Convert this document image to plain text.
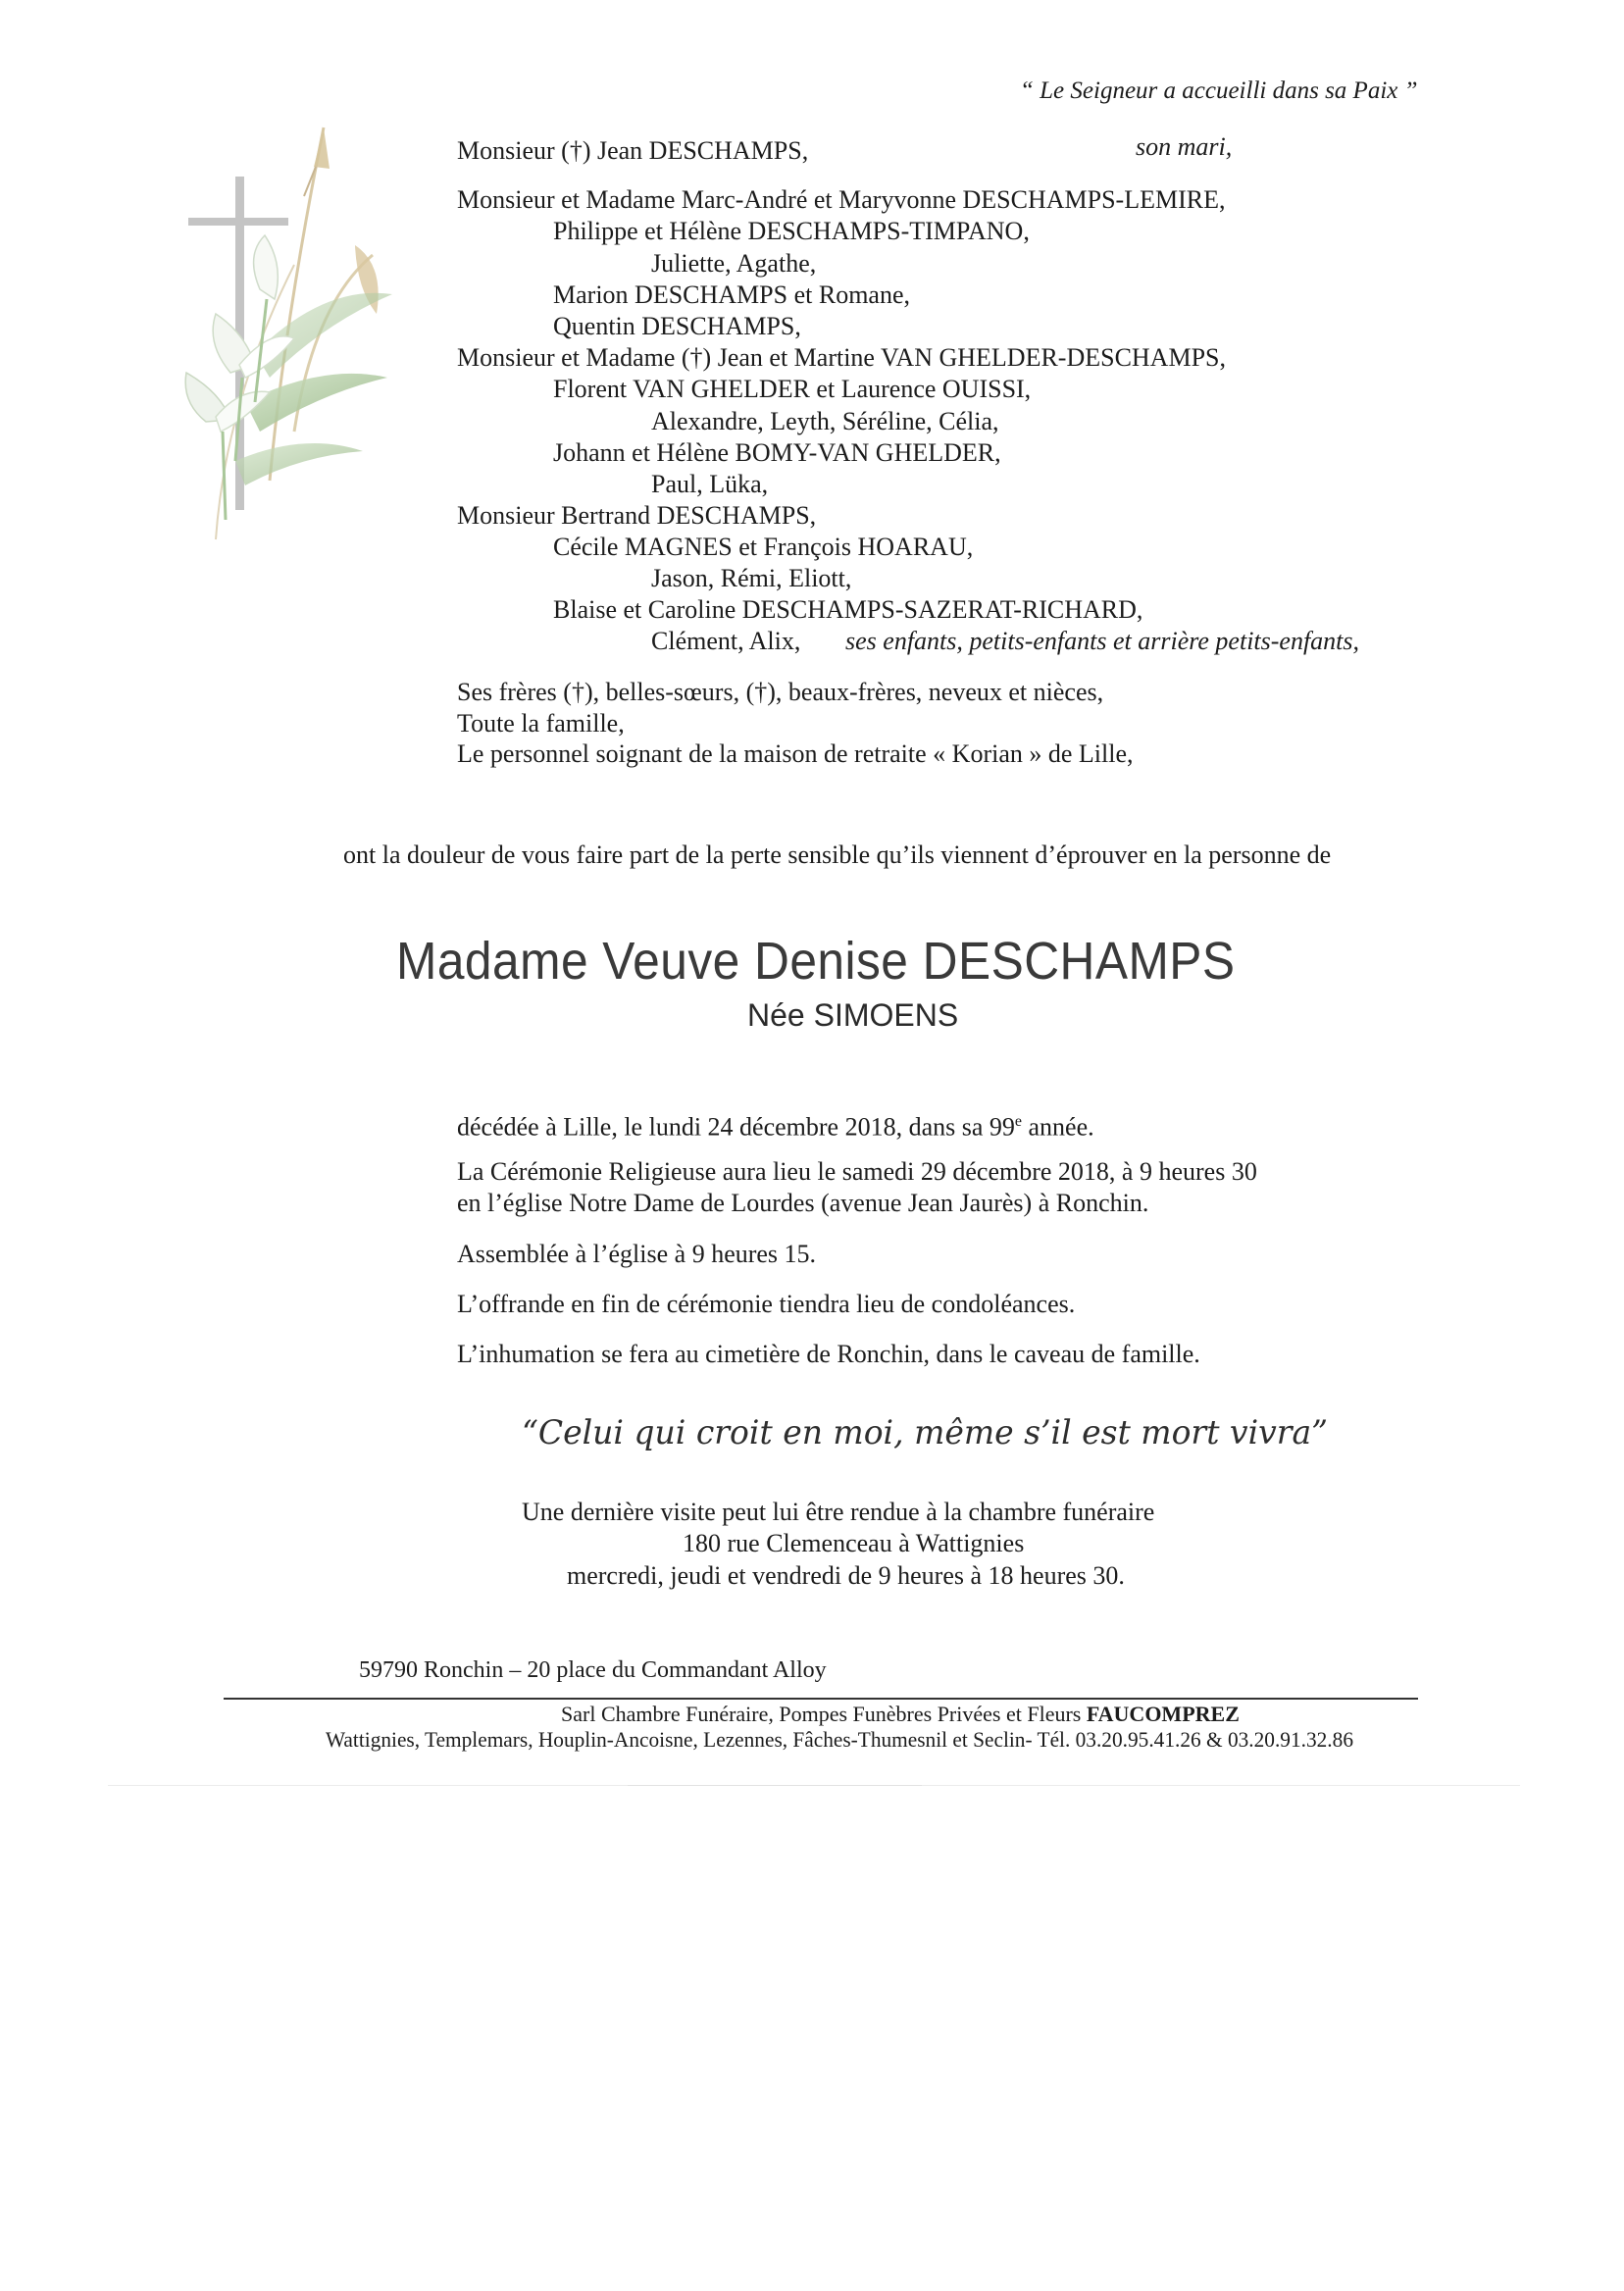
“ Le Seigneur a accueilli dans sa Paix ”
Monsieur (†) Jean DESCHAMPS,	son mari,
Monsieur et Madame Marc-André et Maryvonne DESCHAMPS-LEMIRE,
Philippe et Hélène DESCHAMPS-TIMPANO,
Juliette, Agathe,
Marion DESCHAMPS et Romane,
Quentin DESCHAMPS,
Monsieur et Madame (†) Jean et Martine VAN GHELDER-DESCHAMPS,
Florent VAN GHELDER et Laurence OUISSI,
Alexandre, Leyth, Séréline, Célia,
Johann et Hélène BOMY-VAN GHELDER,
Paul, Lüka,
Monsieur Bertrand DESCHAMPS,
Cécile MAGNES et François HOARAU,
Jason, Rémi, Eliott,
Blaise et Caroline DESCHAMPS-SAZERAT-RICHARD,
Clément, Alix, ses enfants, petits-enfants et arrière petits-enfants,
Ses frères (†), belles-sœurs, (†), beaux-frères, neveux et nièces,
Toute la famille,
Le personnel soignant de la maison de retraite « Korian » de Lille,
ont la douleur de vous faire part de la perte sensible qu’ils viennent d’éprouver en la personne de
Madame Veuve Denise DESCHAMPS
Née SIMOENS
décédée à Lille, le lundi 24 décembre 2018, dans sa 99e année.
La Cérémonie Religieuse aura lieu le samedi 29 décembre 2018, à 9 heures 30
en l’église Notre Dame de Lourdes (avenue Jean Jaurès) à Ronchin.
Assemblée à l’église à 9 heures 15.
L’offrande en fin de cérémonie tiendra lieu de condoléances.
L’inhumation se fera au cimetière de Ronchin, dans le caveau de famille.
“Celui qui croit en moi, même s’il est mort vivra”
Une dernière visite peut lui être rendue à la chambre funéraire
180 rue Clemenceau à Wattignies
mercredi, jeudi et vendredi de 9 heures à 18 heures 30.
59790 Ronchin – 20 place du Commandant Alloy
Sarl Chambre Funéraire, Pompes Funèbres Privées et Fleurs FAUCOMPREZ
Wattignies, Templemars, Houplin-Ancoisne, Lezennes, Fâches-Thumesnil et Seclin- Tél. 03.20.95.41.26 & 03.20.91.32.86
